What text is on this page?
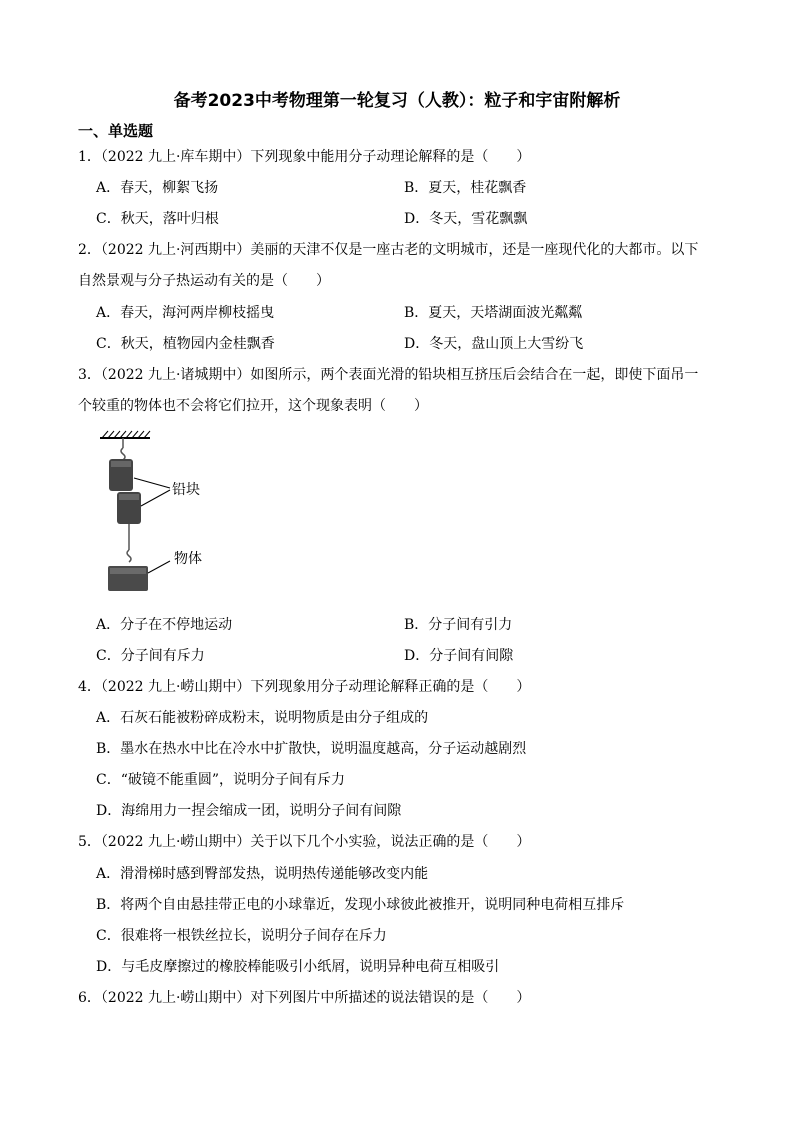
备考2023中考物理第一轮复习（人教）：粒子和宇宙附解析
一、单选题
1．（2022 九上·库车期中）下列现象中能用分子动理论解释的是（　　）
A．春天，柳絮飞扬	B．夏天，桂花飘香
C．秋天，落叶归根	D．冬天，雪花飘飘
2．（2022 九上·河西期中）美丽的天津不仅是一座古老的文明城市，还是一座现代化的大都市。以下
自然景观与分子热运动有关的是（　　）
A．春天，海河两岸柳枝摇曳	B．夏天，天塔湖面波光粼粼
C．秋天，植物园内金桂飘香	D．冬天，盘山顶上大雪纷飞
3．（2022 九上·诸城期中）如图所示，两个表面光滑的铅块相互挤压后会结合在一起，即使下面吊一
个较重的物体也不会将它们拉开，这个现象表明（　　）
铅块
物体
A．分子在不停地运动	B．分子间有引力
C．分子间有斥力	D．分子间有间隙
4．（2022 九上·崂山期中）下列现象用分子动理论解释正确的是（　　）
A．石灰石能被粉碎成粉末，说明物质是由分子组成的
B．墨水在热水中比在冷水中扩散快，说明温度越高，分子运动越剧烈
C．“破镜不能重圆”，说明分子间有斥力
D．海绵用力一捏会缩成一团，说明分子间有间隙
5．（2022 九上·崂山期中）关于以下几个小实验，说法正确的是（　　）
A．滑滑梯时感到臀部发热，说明热传递能够改变内能
B．将两个自由悬挂带正电的小球靠近，发现小球彼此被推开，说明同种电荷相互排斥
C．很难将一根铁丝拉长，说明分子间存在斥力
D．与毛皮摩擦过的橡胶棒能吸引小纸屑，说明异种电荷互相吸引
6．（2022 九上·崂山期中）对下列图片中所描述的说法错误的是（　　）
